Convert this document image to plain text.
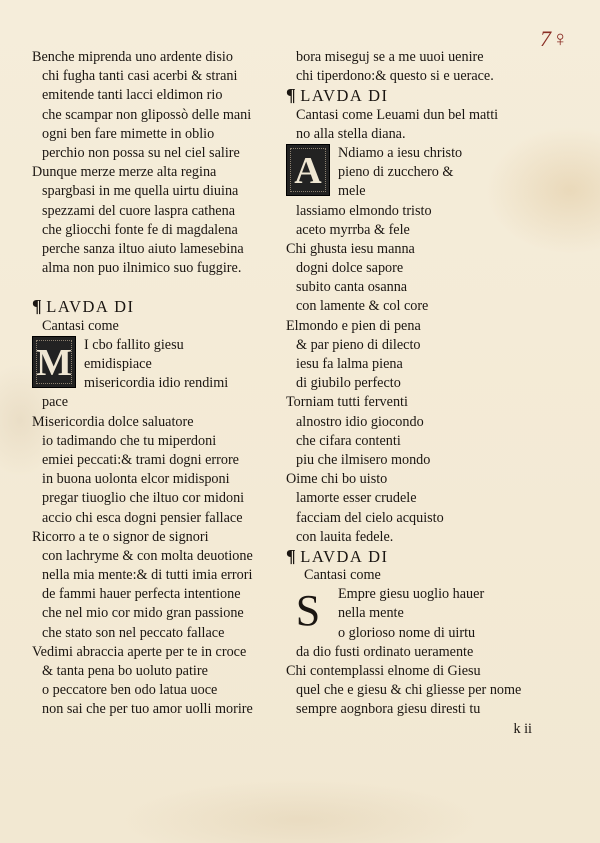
7♀
Benche miprenda uno ardente disio
chi fugha tanti casi acerbi & strani
emitende tanti lacci eldimon rio
che scampar non glipossò delle mani
ogni ben fare mimette in oblio
perchio non possa su nel ciel salire
Dunque merze merze alta regina
spargbasi in me quella uirtu diuina
spezzami del cuore laspra cathena
che gliocchi fonte fe di magdalena
perche sanza iltuo aiuto lamesebina
alma non puo ilnimico suo fuggire.
¶ LAVDA DI
Cantasi come
M I cbo fallito giesu
emidispiace
misericordia idio rendimi
pace
Misericordia dolce saluatore
io tadimando che tu miperdoni
emiei peccati:& trami dogni errore
in buona uolonta elcor midisponi
pregar tiuoglio che iltuo cor midoni
accio chi esca dogni pensier fallace
Ricorro a te o signor de signori
con lachryme & con molta deuotione
nella mia mente:& di tutti imia errori
de fammi hauer perfecta intentione
che nel mio cor mido gran passione
che stato son nel peccato fallace
Vedimi abraccia aperte per te in croce
& tanta pena bo uoluto patire
o peccatore ben odo latua uoce
non sai che per tuo amor uolli morire
bora miseguj se a me uuoi uenire
chi tiperdono:& questo si e uerace.
¶ LAVDA DI
Cantasi come Leuami dun bel matti
no alla stella diana.
A	Ndiamo a iesu christo
pieno di zucchero &
mele
lassiamo elmondo tristo
aceto myrrba & fele
Chi ghusta iesu manna
dogni dolce sapore
subito canta osanna
con lamente & col core
Elmondo e pien di pena
& par pieno di dilecto
iesu fa lalma piena
di giubilo perfecto
Torniam tutti ferventi
alnostro idio giocondo
che cifara contenti
piu che ilmisero mondo
Oime chi bo uisto
lamorte esser crudele
facciam del cielo acquisto
con lauita fedele.
¶ LAVDA DI
Cantasi come
S	Empre giesu uoglio hauer
nella mente
o glorioso nome di uirtu
da dio fusti ordinato ueramente
Chi contemplassi elnome di Giesu
quel che e giesu & chi gliesse per nome
sempre aognbora giesu diresti tu
k ii
